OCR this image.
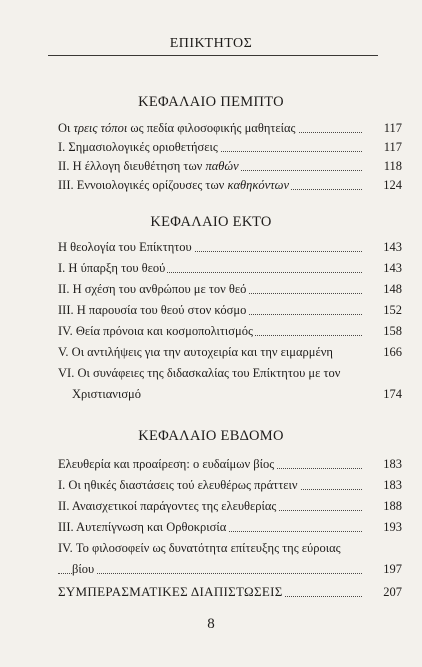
ΕΠΙΚΤΗΤΟΣ
ΚΕΦΑΛΑΙΟ ΠΕΜΠΤΟ
Οι τρεις τόποι ως πεδία φιλοσοφικής μαθητείας	117
Ι. Σημασιολογικές οριοθετήσεις	117
ΙΙ. Η έλλογη διευθέτηση των παθών	118
ΙΙΙ. Εννοιολογικές ορίζουσες των καθηκόντων	124
ΚΕΦΑΛΑΙΟ ΕΚΤΟ
Η θεολογία του Επίκτητου	143
Ι. Η ύπαρξη του θεού	143
ΙΙ. Η σχέση του ανθρώπου με τον θεό	148
ΙΙΙ. Η παρουσία του θεού στον κόσμο	152
IV. Θεία πρόνοια και κοσμοπολιτισμός	158
V. Οι αντιλήψεις για την αυτοχειρία και την ειμαρμένη	166
VI. Οι συνάφειες της διδασκαλίας του Επίκτητου με τον
Χριστιανισμό	174
ΚΕΦΑΛΑΙΟ ΕΒΔΟΜΟ
Ελευθερία και προαίρεση: ο ευδαίμων βίος	183
Ι. Οι ηθικές διαστάσεις τού ελευθέρως πράττειν	183
ΙΙ. Αναισχετικοί παράγοντες της ελευθερίας	188
ΙΙΙ. Αυτεπίγνωση και Ορθοκρισία	193
IV. Το φιλοσοφείν ως δυνατότητα επίτευξης της εύροιας
βίου	197
ΣΥΜΠΕΡΑΣΜΑΤΙΚΕΣ ΔΙΑΠΙΣΤΩΣΕΙΣ	207
8
